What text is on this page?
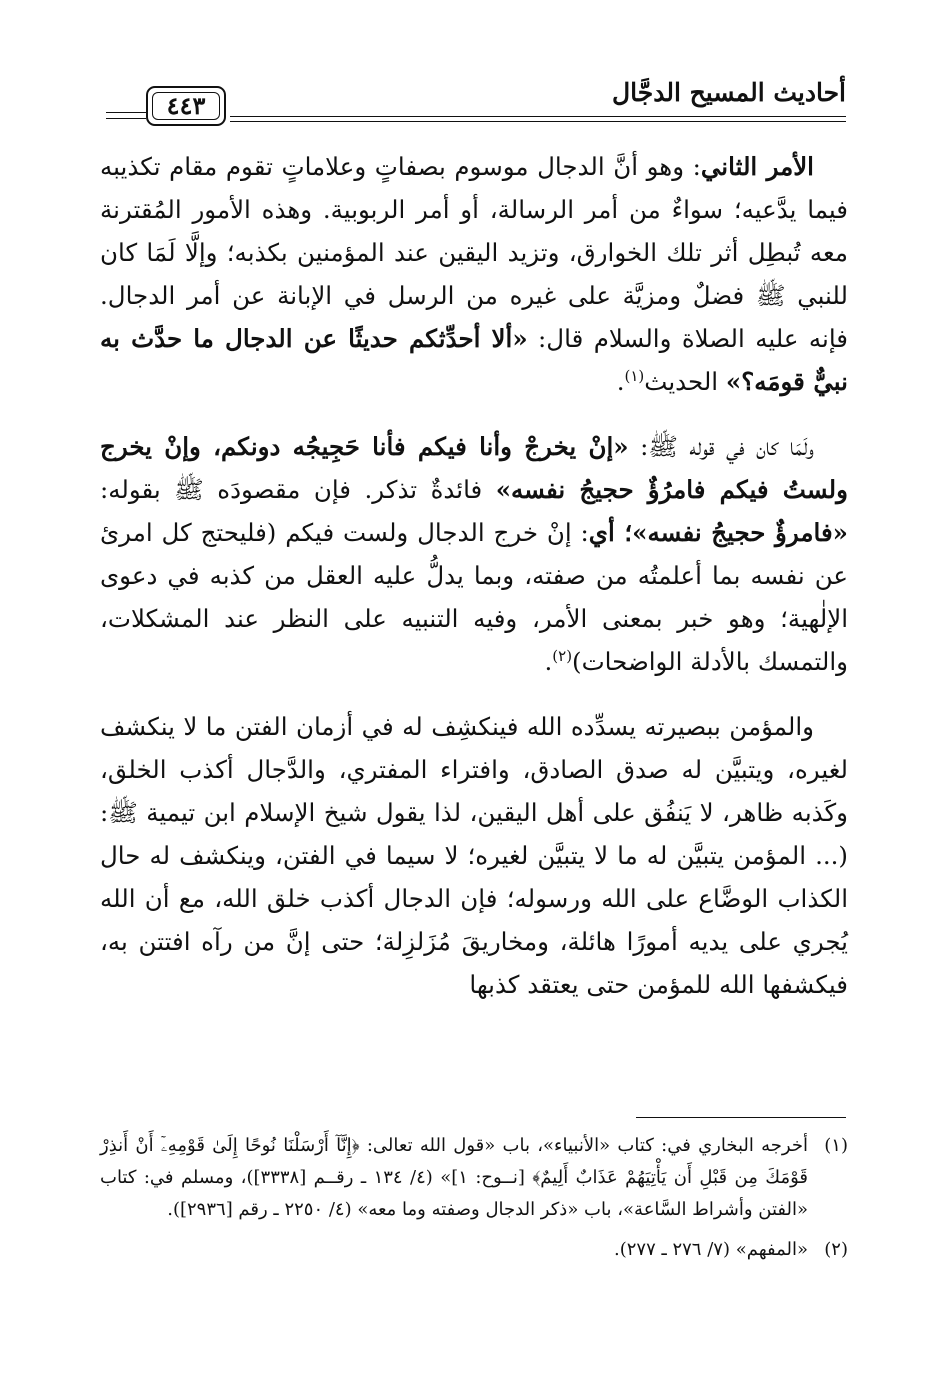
أحاديث المسيح الدجَّال
٤٤٣

الأمر الثاني: وهو أنَّ الدجال موسوم بصفاتٍ وعلاماتٍ تقوم مقام تكذيبه فيما يدَّعيه؛ سواءٌ من أمر الرسالة، أو أمر الربوبية. وهذه الأمور المُقترنة معه تُبطِل أثر تلك الخوارق، وتزيد اليقين عند المؤمنين بكذبه؛ وإلَّا لَمَا كان للنبي ﷺ فضلٌ ومزيَّة على غيره من الرسل في الإبانة عن أمر الدجال. فإنه عليه الصلاة والسلام قال: «ألا أحدِّثكم حديثًا عن الدجال ما حدَّث به نبيٌّ قومَه؟» الحديث$^{(١)}$.

ولَمَا كان في قوله ﷺ: «إنْ يخرجْ وأنا فيكم فأنا حَجِيجُه دونكم، وإنْ يخرج ولستُ فيكم فامرُؤٌ حجيجُ نفسه» فائدةٌ تذكر. فإن مقصودَه ﷺ بقوله: «فامرؤٌ حجيجُ نفسه»؛ أي: إنْ خرج الدجال ولست فيكم (فليحتج كل امرئ عن نفسه بما أعلمتُه من صفته، وبما يدلُّ عليه العقل من كذبه في دعوى الإلٰهية؛ وهو خبر بمعنى الأمر، وفيه التنبيه على النظر عند المشكلات، والتمسك بالأدلة الواضحات)$^{(٢)}$.

والمؤمن ببصيرته يسدِّده الله فينكشِف له في أزمان الفتن ما لا ينكشف لغيره، ويتبيَّن له صدق الصادق، وافتراء المفتري، والدَّجال أكذب الخلق، وكَذبه ظاهر، لا يَنفُق على أهل اليقين، لذا يقول شيخ الإسلام ابن تيمية ﷺ: (... المؤمن يتبيَّن له ما لا يتبيَّن لغيره؛ لا سيما في الفتن، وينكشف له حال الكذاب الوضَّاع على الله ورسوله؛ فإن الدجال أكذب خلق الله، مع أن الله يُجري على يديه أمورًا هائلة، ومخاريقَ مُزَلزِلة؛ حتى إنَّ من رآه افتتن به، فيكشفها الله للمؤمن حتى يعتقد كذبها

(١)
أخرجه البخاري في: كتاب «الأنبياء»، باب «قول الله تعالى: ﴿إِنَّآ أَرْسَلْنَا نُوحًا إِلَىٰ قَوْمِهِۦٓ أَنْ أَنذِرْ قَوْمَكَ مِن قَبْلِ أَن يَأْتِيَهُمْ عَذَابٌ أَلِيمٌ﴾ [نــوح: ١]» (٤/ ١٣٤ ـ رقــم [٣٣٣٨])، ومسلم في: كتاب «الفتن وأشراط السَّاعة»، باب «ذكر الدجال وصفته وما معه» (٤/ ٢٢٥٠ ـ رقم [٢٩٣٦]).
(٢)
«المفهم» (٧/ ٢٧٦ ـ ٢٧٧).
